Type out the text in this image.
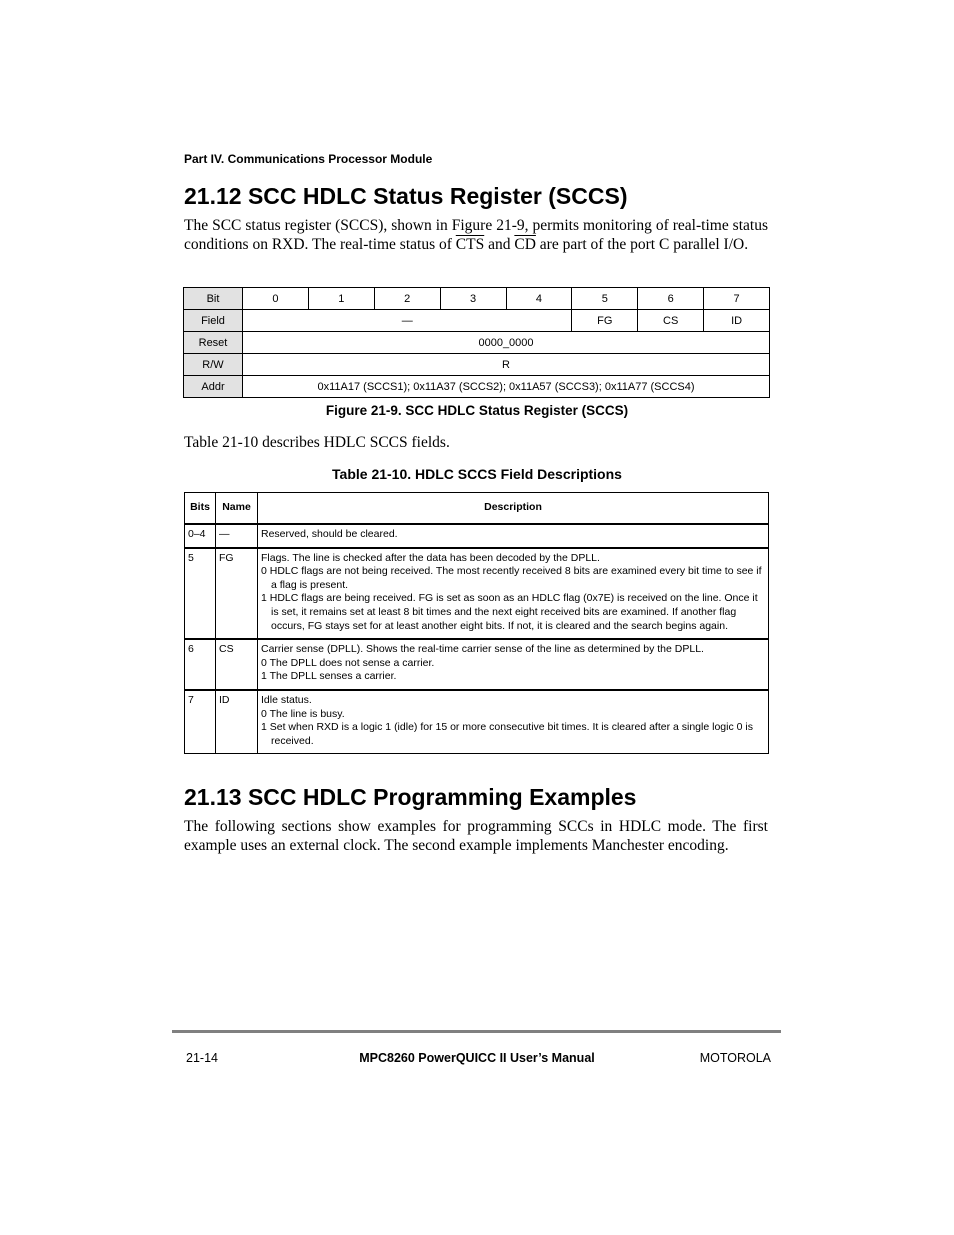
Part IV. Communications Processor Module
21.12 SCC HDLC Status Register (SCCS)

The SCC status register (SCCS), shown in Figure 21-9, permits monitoring of real-time status conditions on RXD. The real-time status of $\overline{CTS}$ and $\overline{CD}$ are part of the port C parallel I/O.

Bit	0	1	2	3	4	5	6	7
Field	—					FG	CS	ID
Reset	0000_0000							
R/W	R							
Addr	0x11A17 (SCCS1); 0x11A37 (SCCS2); 0x11A57 (SCCS3); 0x11A77 (SCCS4)							
Figure 21-9. SCC HDLC Status Register (SCCS)
Table 21-10 describes HDLC SCCS fields.
Table 21-10. HDLC SCCS Field Descriptions
Bits	Name	Description
0–4	—	Reserved, should be cleared.

5	FG	Flags. The line is checked after the data has been decoded by the DPLL.
0 HDLC flags are not being received. The most recently received 8 bits are examined every bit time to see if a flag is present.
1 HDLC flags are being received. FG is set as soon as an HDLC flag (0x7E) is received on the line. Once it is set, it remains set at least 8 bit times and the next eight received bits are examined. If another flag occurs, FG stays set for at least another eight bits. If not, it is cleared and the search begins again.

6	CS	Carrier sense (DPLL). Shows the real-time carrier sense of the line as determined by the DPLL.
0 The DPLL does not sense a carrier.
1 The DPLL senses a carrier.

7	ID	Idle status.
0 The line is busy.
1 Set when RXD is a logic 1 (idle) for 15 or more consecutive bit times. It is cleared after a single logic 0 is received.
21.13 SCC HDLC Programming Examples

The following sections show examples for programming SCCs in HDLC mode. The first example uses an external clock. The second example implements Manchester encoding.

21-14	MPC8260 PowerQUICC II User’s Manual	MOTOROLA
